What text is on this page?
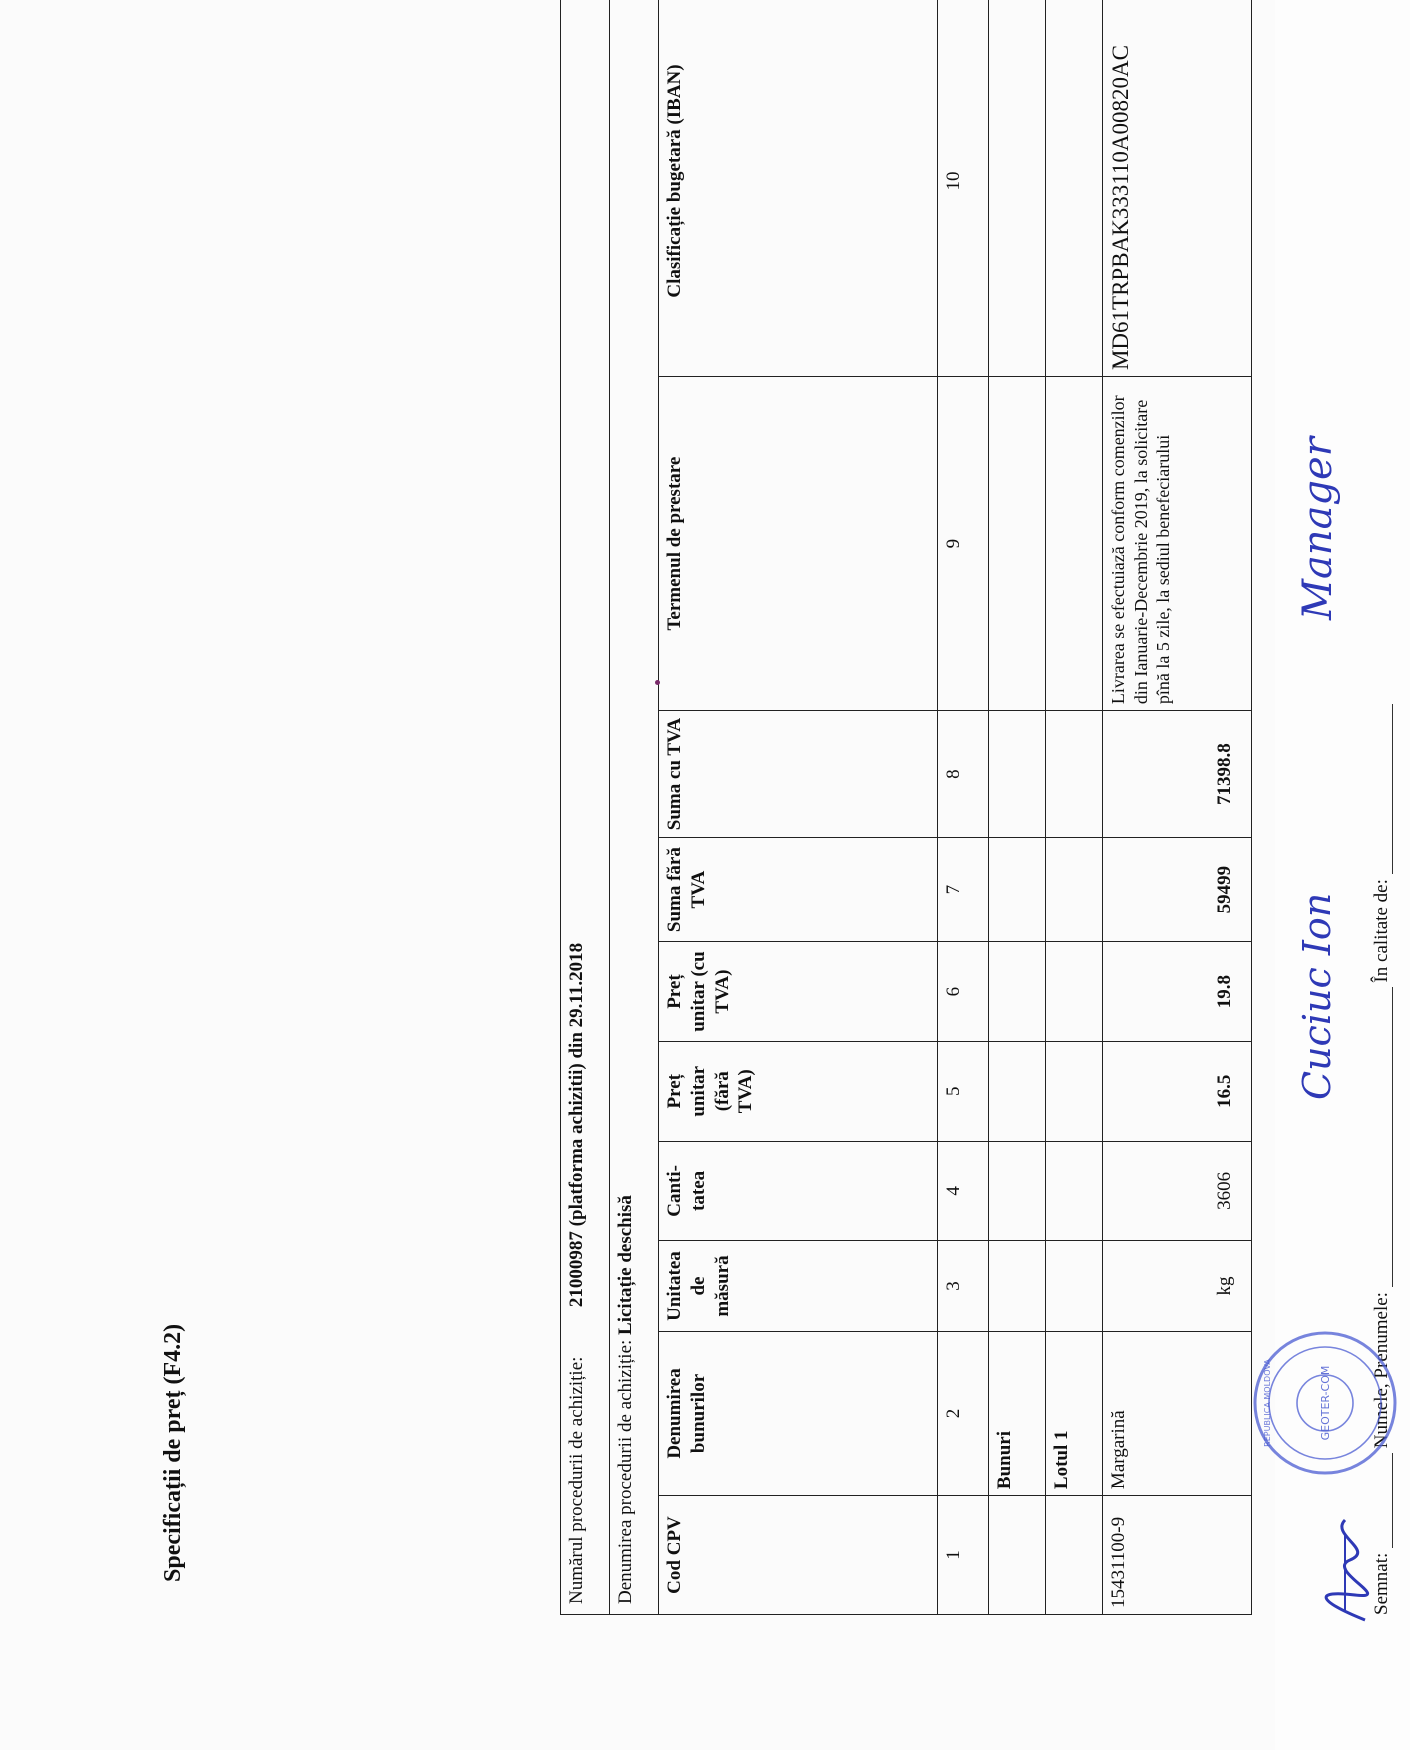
Specificații de preț (F4.2)	Numărul procedurii de achiziție:  21000987 (platforma achizitii) din 29.11.2018									
Denumirea procedurii de achiziție: Licitație deschisă									
Cod CPV	Denumirea bunurilor	Unitatea de măsură	Canti-tatea	Preț unitar (fără TVA)	Preț unitar (cu TVA)	Suma fără TVA	Suma cu TVA	Termenul de prestare	Clasificație bugetară (IBAN)
1	2	3	4	5	6	7	8	9	10
	Bunuri								
	Lotul 1								
15431100-9	Margarină	kg	3606	16.5	19.8	59499	71398.8	Livrarea se efectuiază conform comenzilor din Ianuarie-Decembrie 2019, la solicitare pînă la 5 zile, la sediul benefeciarului	MD61TRPBAK333110A00820AC
Semnat:  Numele, Prenumele:  În calitate de:
Cuciuc Ion
Manager
GEOTER-COM
REPUBLICA MOLDOVA
